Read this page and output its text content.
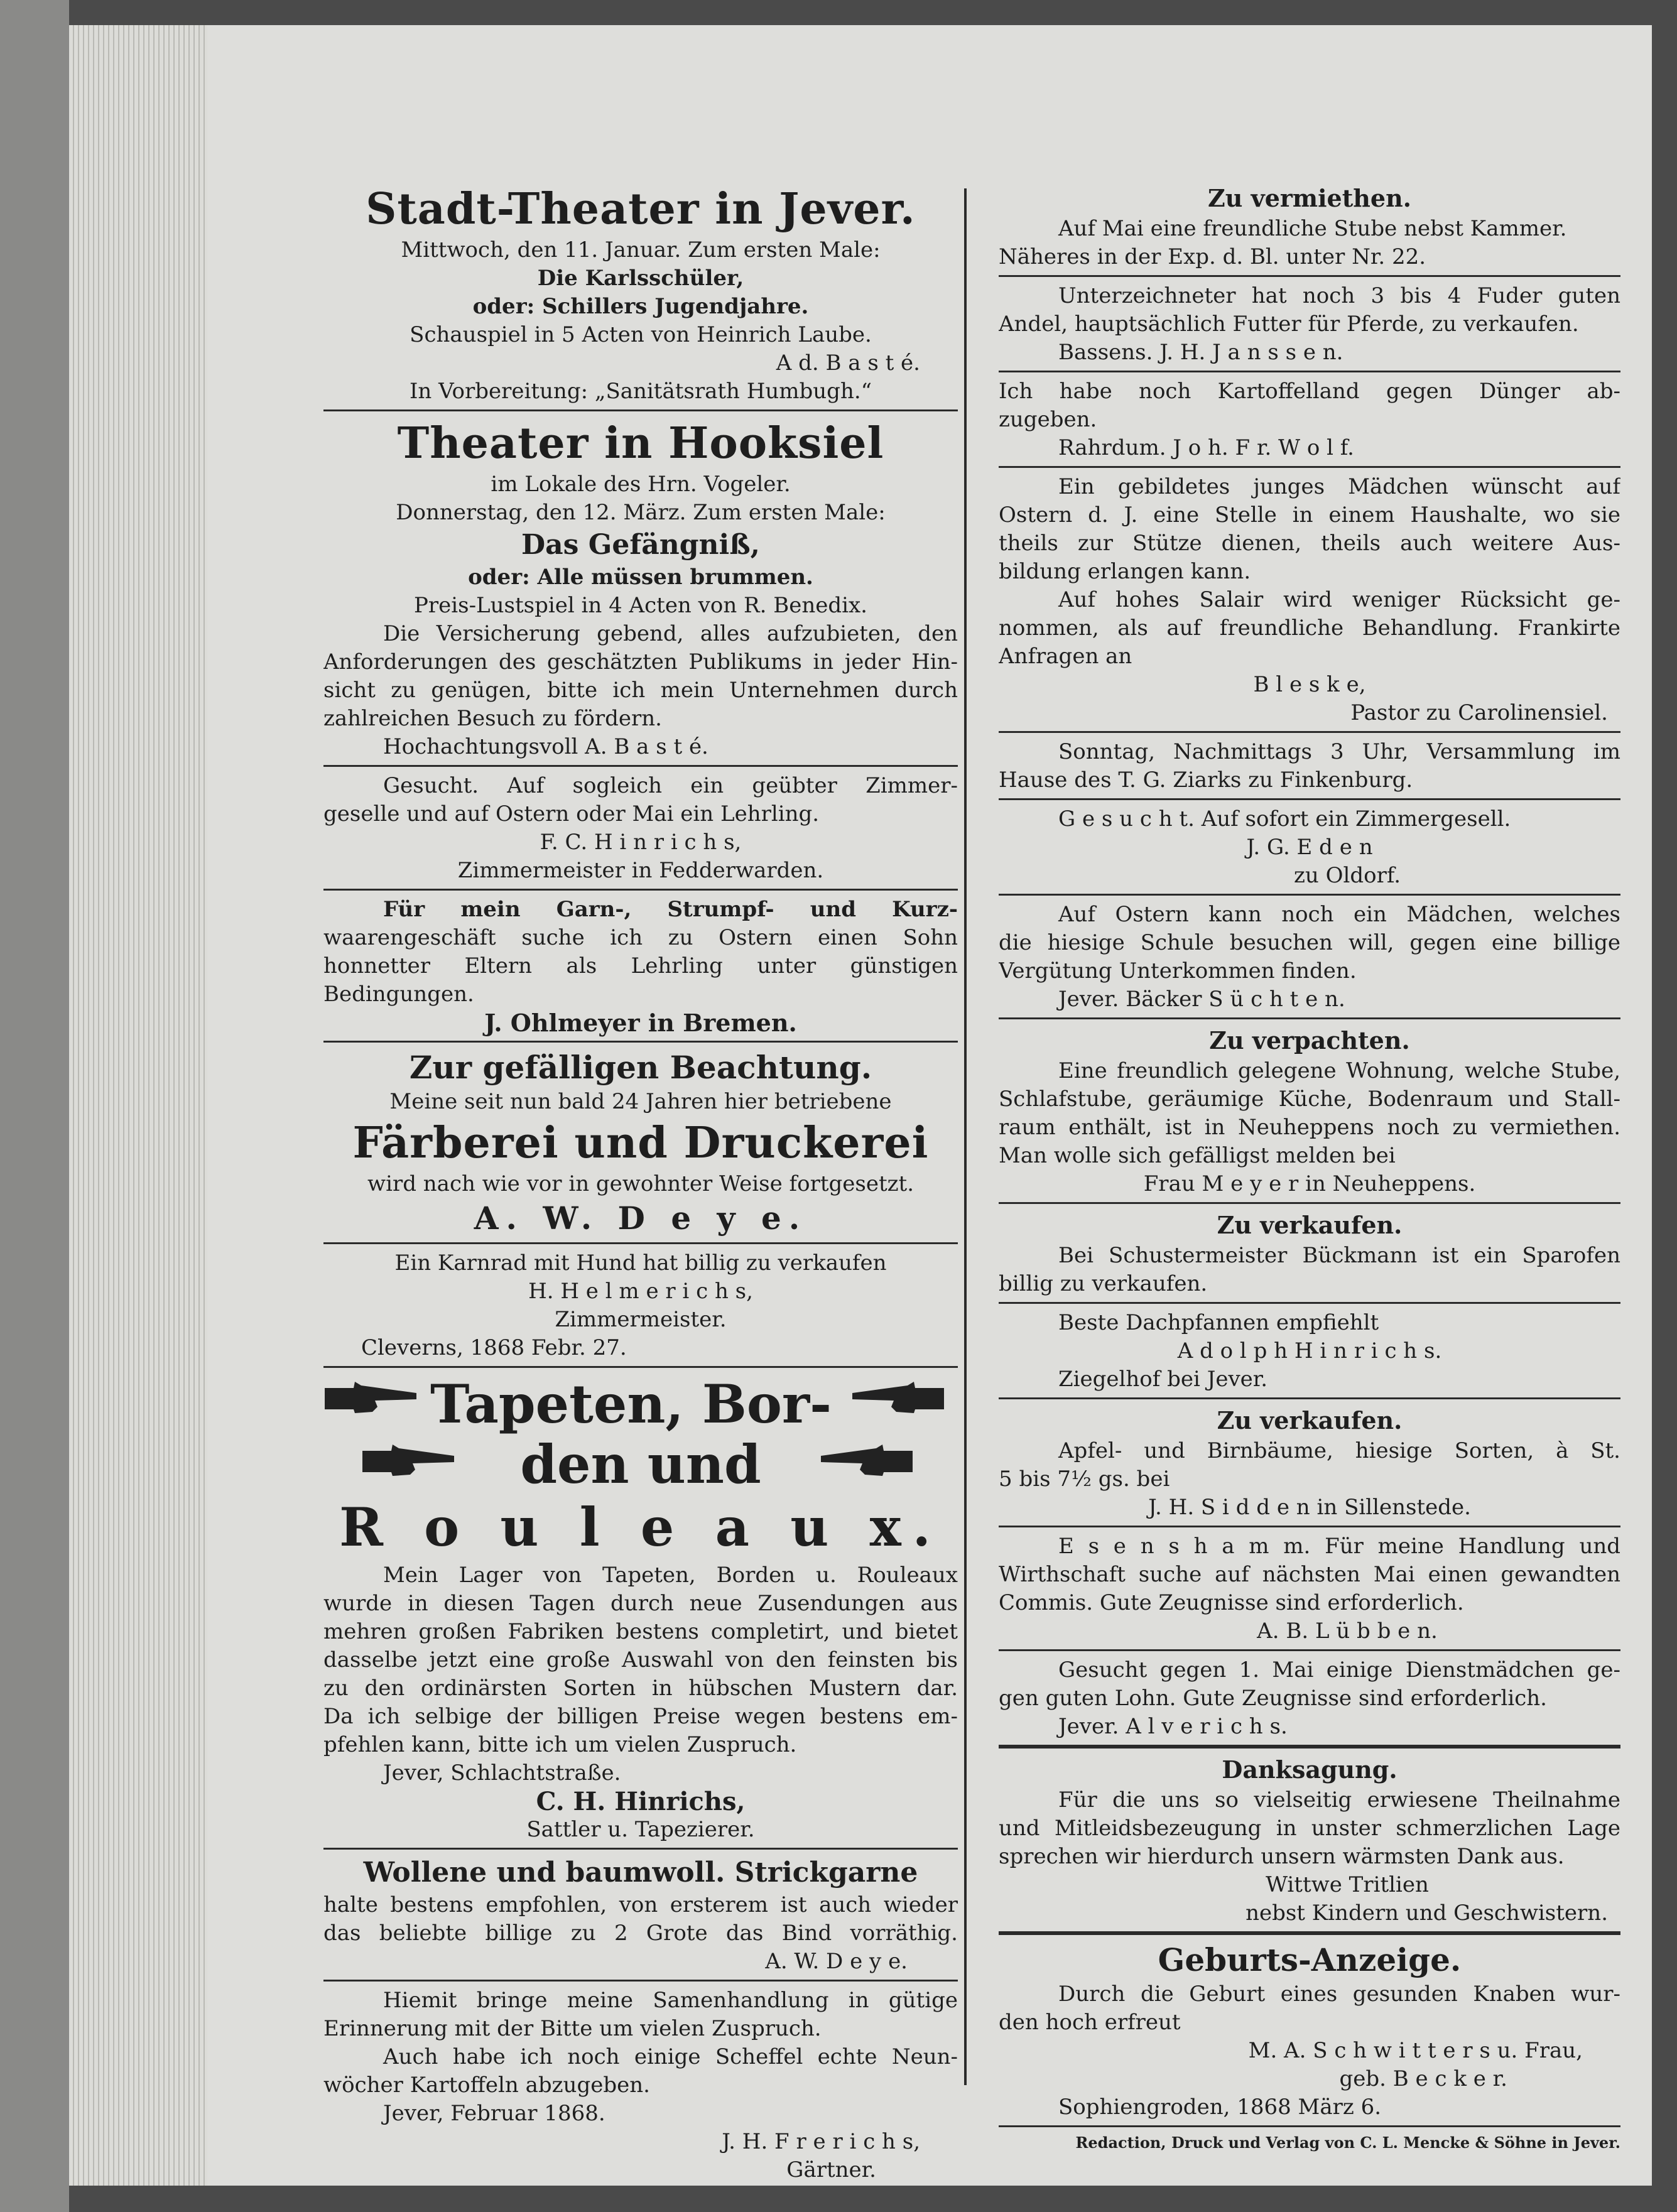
Stadt-Theater in Jever.
Mittwoch, den 11. Januar. Zum ersten Male:
Die Karlsschüler,
oder: Schillers Jugendjahre.
Schauspiel in 5 Acten von Heinrich Laube.
A d. B a s t é.
In Vorbereitung: „Sanitätsrath Humbugh.“
Theater in Hooksiel
im Lokale des Hrn. Vogeler.
Donnerstag, den 12. März. Zum ersten Male:
Das Gefängniß,
oder: Alle müssen brummen.
Preis-Lustspiel in 4 Acten von R. Benedix.
Die Versicherung gebend, alles aufzubieten, den
Anforderungen des geschätzten Publikums in jeder Hin-
sicht zu genügen, bitte ich mein Unternehmen durch
zahlreichen Besuch zu fördern.
Hochachtungsvoll A. B a s t é.
Gesucht. Auf sogleich ein geübter Zimmer-
geselle und auf Ostern oder Mai ein Lehrling.
F. C. H i n r i c h s,
Zimmermeister in Fedderwarden.
Für mein Garn-, Strumpf- und Kurz-
waarengeschäft suche ich zu Ostern einen Sohn
honnetter Eltern als Lehrling unter günstigen
Bedingungen.
J. Ohlmeyer in Bremen.
Zur gefälligen Beachtung.
Meine seit nun bald 24 Jahren hier betriebene
Färberei und Druckerei
wird nach wie vor in gewohnter Weise fortgesetzt.
A. W. D e y e.
Ein Karnrad mit Hund hat billig zu verkaufen
H. H e l m e r i c h s,
Zimmermeister.
Cleverns, 1868 Febr. 27.
Tapeten, Bor-
den und
R o u l e a u x.
Mein Lager von Tapeten, Borden u. Rouleaux
wurde in diesen Tagen durch neue Zusendungen aus
mehren großen Fabriken bestens completirt, und bietet
dasselbe jetzt eine große Auswahl von den feinsten bis
zu den ordinärsten Sorten in hübschen Mustern dar.
Da ich selbige der billigen Preise wegen bestens em-
pfehlen kann, bitte ich um vielen Zuspruch.
Jever, Schlachtstraße.
C. H. Hinrichs,
Sattler u. Tapezierer.
Wollene und baumwoll. Strickgarne
halte bestens empfohlen, von ersterem ist auch wieder
das beliebte billige zu 2 Grote das Bind vorräthig.
A. W. D e y e.
Hiemit bringe meine Samenhandlung in gütige
Erinnerung mit der Bitte um vielen Zuspruch.
Auch habe ich noch einige Scheffel echte Neun-
wöcher Kartoffeln abzugeben.
Jever, Februar 1868.
J. H. F r e r i c h s,
Gärtner.
Zu vermiethen.
Auf Mai eine freundliche Stube nebst Kammer.
Näheres in der Exp. d. Bl. unter Nr. 22.
Unterzeichneter hat noch 3 bis 4 Fuder guten
Andel, hauptsächlich Futter für Pferde, zu verkaufen.
Bassens. J. H. J a n s s e n.
Ich habe noch Kartoffelland gegen Dünger ab-
zugeben.
Rahrdum. J o h. F r. W o l f.
Ein gebildetes junges Mädchen wünscht auf
Ostern d. J. eine Stelle in einem Haushalte, wo sie
theils zur Stütze dienen, theils auch weitere Aus-
bildung erlangen kann.
Auf hohes Salair wird weniger Rücksicht ge-
nommen, als auf freundliche Behandlung. Frankirte
Anfragen an
B l e s k e,
Pastor zu Carolinensiel.
Sonntag, Nachmittags 3 Uhr, Versammlung im
Hause des T. G. Ziarks zu Finkenburg.
G e s u c h t. Auf sofort ein Zimmergesell.
J. G. E d e n
zu Oldorf.
Auf Ostern kann noch ein Mädchen, welches
die hiesige Schule besuchen will, gegen eine billige
Vergütung Unterkommen finden.
Jever. Bäcker S ü c h t e n.
Zu verpachten.
Eine freundlich gelegene Wohnung, welche Stube,
Schlafstube, geräumige Küche, Bodenraum und Stall-
raum enthält, ist in Neuheppens noch zu vermiethen.
Man wolle sich gefälligst melden bei
Frau M e y e r in Neuheppens.
Zu verkaufen.
Bei Schustermeister Bückmann ist ein Sparofen
billig zu verkaufen.
Beste Dachpfannen empfiehlt
A d o l p h H i n r i c h s.
Ziegelhof bei Jever.
Zu verkaufen.
Apfel- und Birnbäume, hiesige Sorten, à St.
5 bis 7½ gs. bei
J. H. S i d d e n in Sillenstede.
E s e n s h a m m. Für meine Handlung und
Wirthschaft suche auf nächsten Mai einen gewandten
Commis. Gute Zeugnisse sind erforderlich.
A. B. L ü b b e n.
Gesucht gegen 1. Mai einige Dienstmädchen ge-
gen guten Lohn. Gute Zeugnisse sind erforderlich.
Jever. A l v e r i c h s.
Danksagung.
Für die uns so vielseitig erwiesene Theilnahme
und Mitleidsbezeugung in unster schmerzlichen Lage
sprechen wir hierdurch unsern wärmsten Dank aus.
Wittwe Tritlien
nebst Kindern und Geschwistern.
Geburts-Anzeige.
Durch die Geburt eines gesunden Knaben wur-
den hoch erfreut
M. A. S c h w i t t e r s u. Frau,
geb. B e c k e r.
Sophiengroden, 1868 März 6.
Redaction, Druck und Verlag von C. L. Mencke & Söhne in Jever.
